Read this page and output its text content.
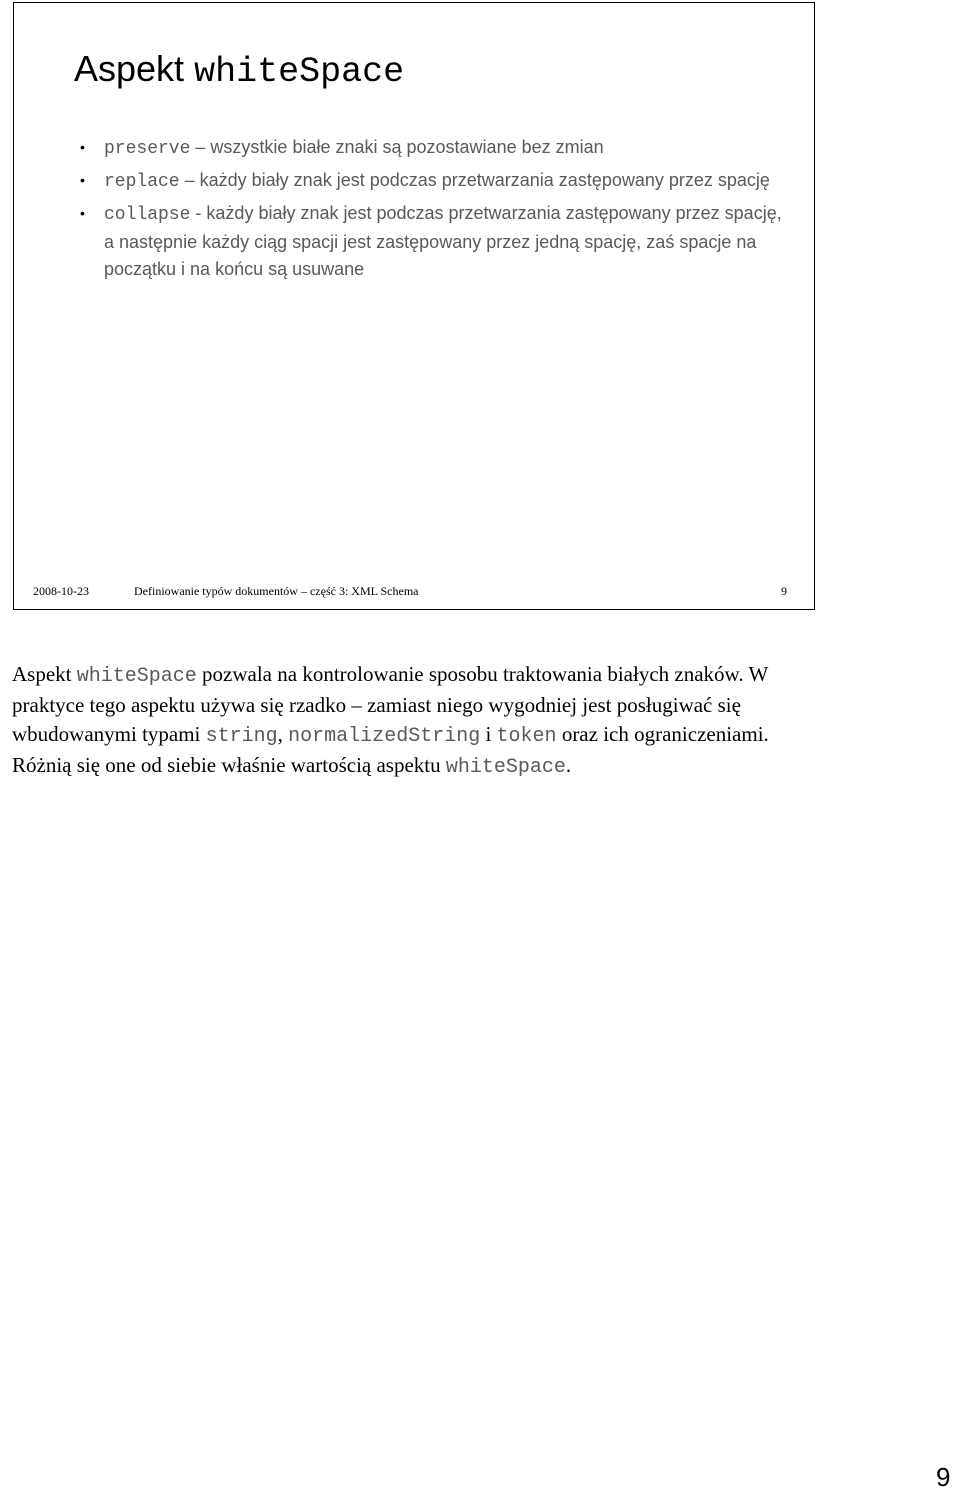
Aspekt whiteSpace
• preserve – wszystkie białe znaki są pozostawiane bez zmian
• replace – każdy biały znak jest podczas przetwarzania zastępowany przez spację
• collapse - każdy biały znak jest podczas przetwarzania zastępowany przez spację, a następnie każdy ciąg spacji jest zastępowany przez jedną spację, zaś spacje na początku i na końcu są usuwane
2008-10-23	Definiowanie typów dokumentów – część 3: XML Schema	9

Aspekt whiteSpace pozwala na kontrolowanie sposobu traktowania białych znaków. W praktyce tego aspektu używa się rzadko – zamiast niego wygodniej jest posługiwać się wbudowanymi typami string, normalizedString i token oraz ich ograniczeniami. Różnią się one od siebie właśnie wartością aspektu whiteSpace.

9
